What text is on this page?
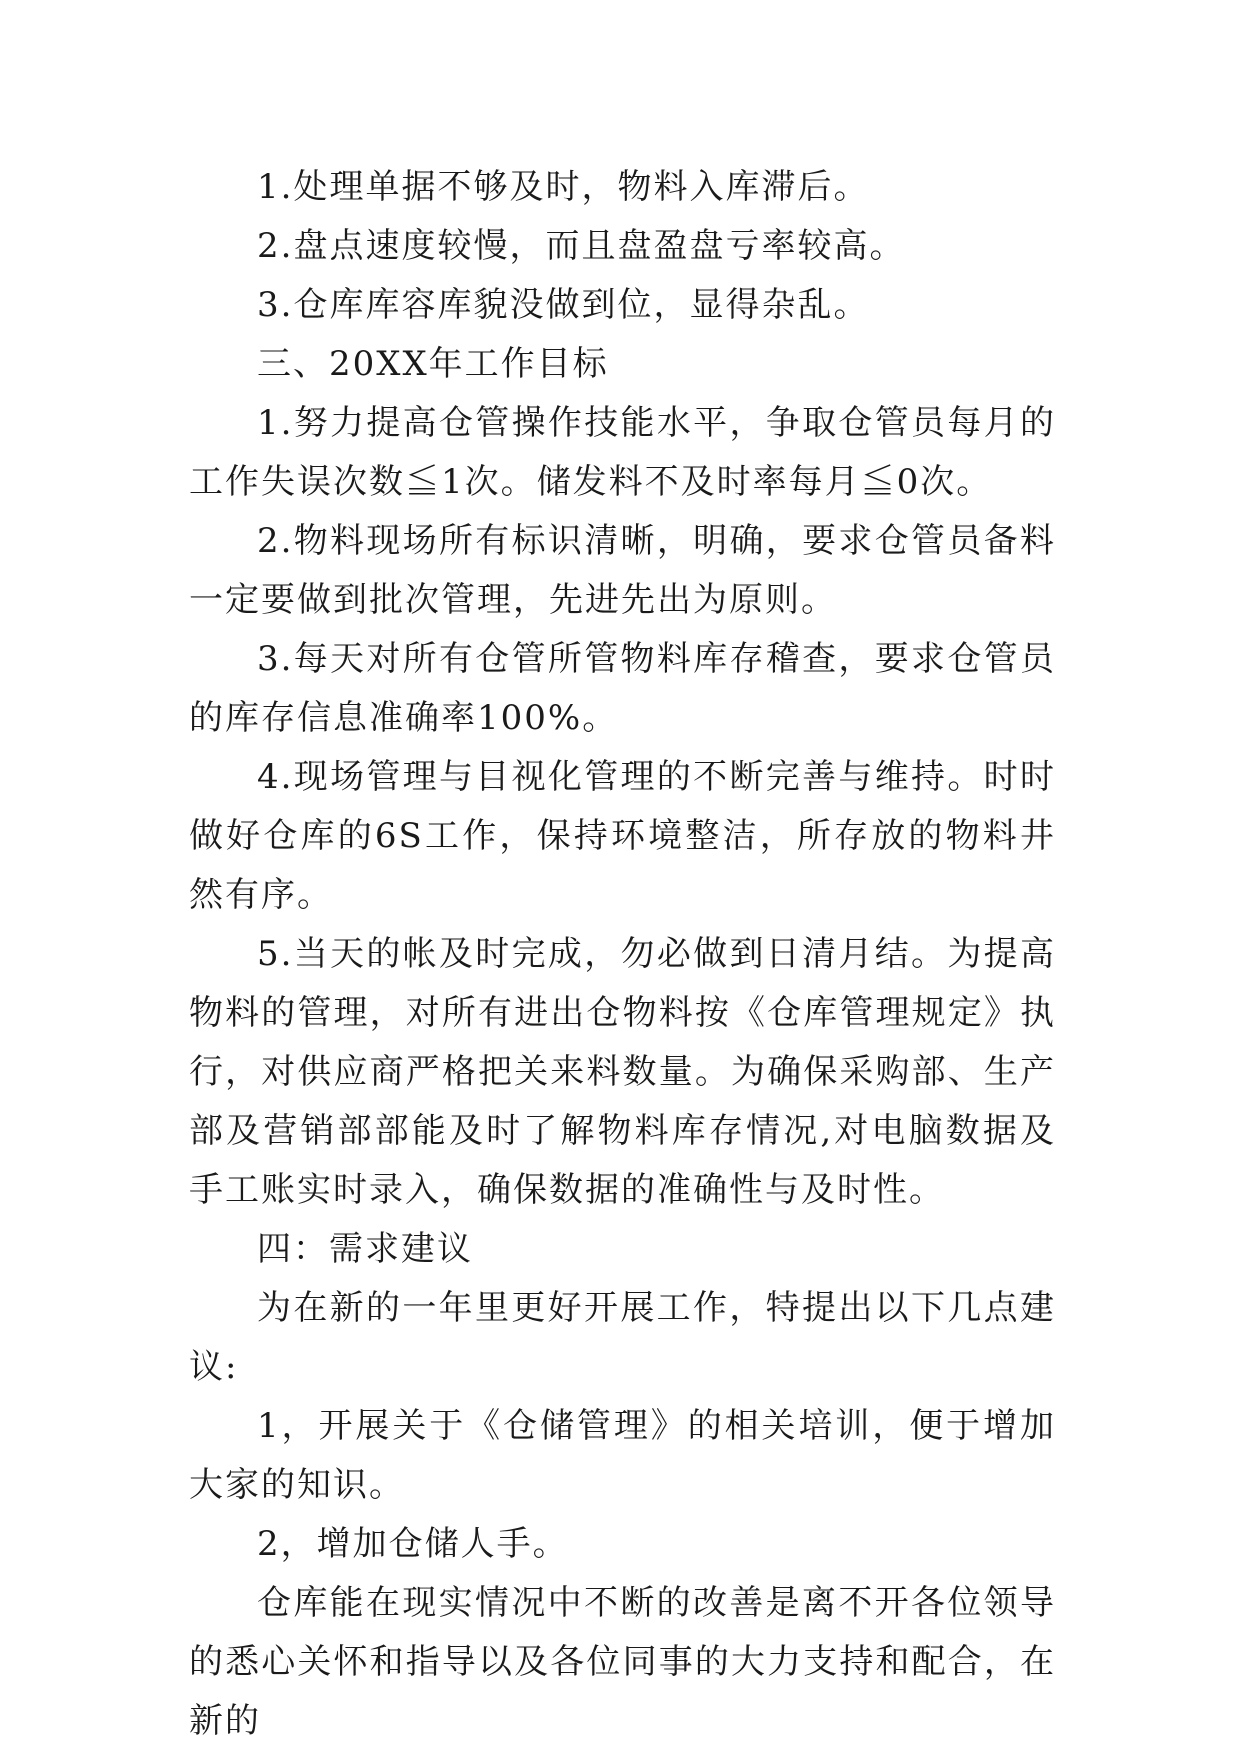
1.处理单据不够及时，物料入库滞后。

2.盘点速度较慢，而且盘盈盘亏率较高。

3.仓库库容库貌没做到位，显得杂乱。

三、20XX年工作目标

1.努力提高仓管操作技能水平，争取仓管员每月的工作失误次数≦1次。储发料不及时率每月≦0次。

2.物料现场所有标识清晰，明确，要求仓管员备料一定要做到批次管理，先进先出为原则。

3.每天对所有仓管所管物料库存稽查，要求仓管员的库存信息准确率100%。

4.现场管理与目视化管理的不断完善与维持。时时做好仓库的6S工作，保持环境整洁，所存放的物料井然有序。

5.当天的帐及时完成，勿必做到日清月结。为提高物料的管理，对所有进出仓物料按《仓库管理规定》执行，对供应商严格把关来料数量。为确保采购部、生产部及营销部部能及时了解物料库存情况,对电脑数据及手工账实时录入，确保数据的准确性与及时性。

四：需求建议

为在新的一年里更好开展工作，特提出以下几点建议:

1，开展关于《仓储管理》的相关培训，便于增加大家的知识。

2，增加仓储人手。

仓库能在现实情况中不断的改善是离不开各位领导的悉心关怀和指导以及各位同事的大力支持和配合，在新的
